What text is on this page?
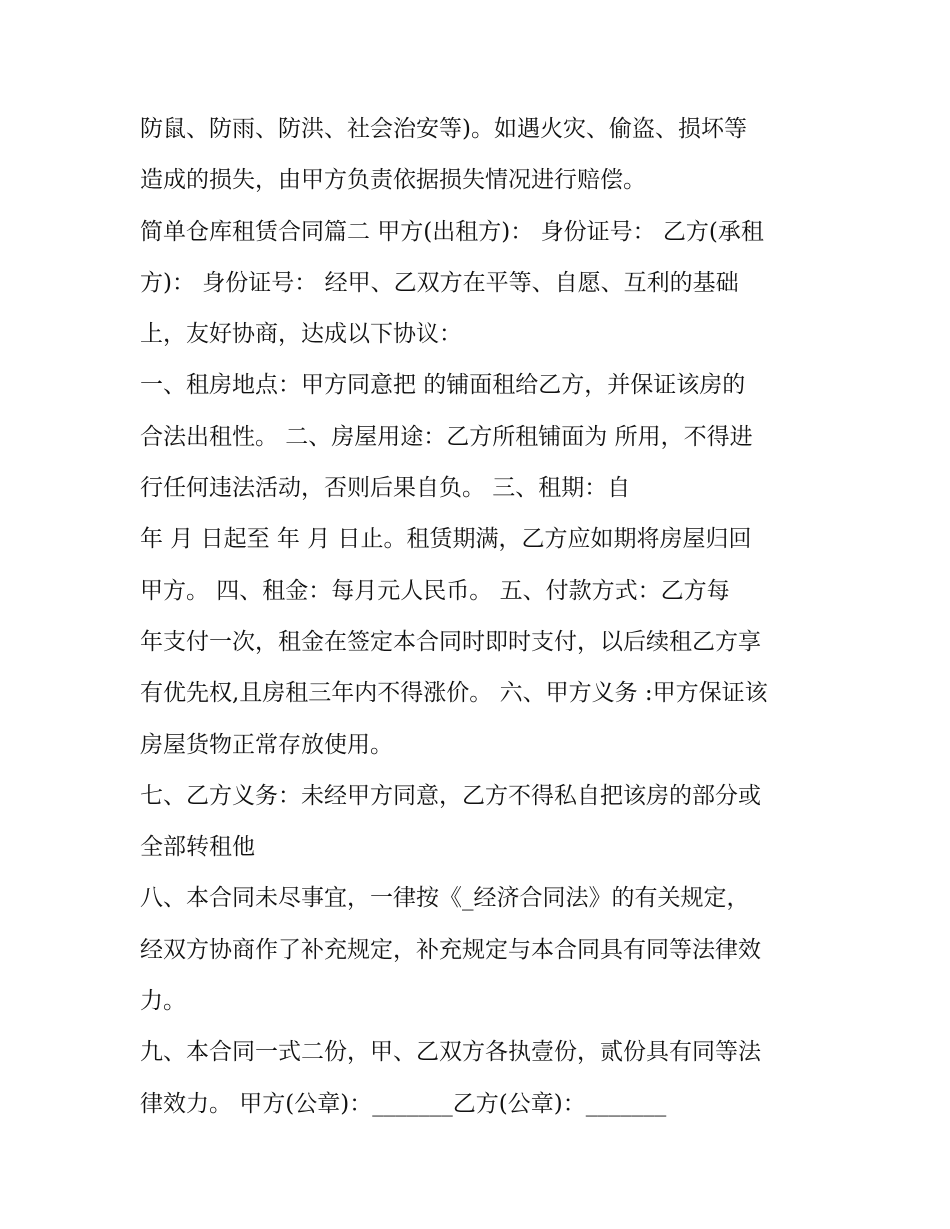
防鼠、防雨、防洪、社会治安等)。如遇火灾、偷盗、损坏等
造成的损失，由甲方负责依据损失情况进行赔偿。
简单仓库租赁合同篇二 甲方(出租方)： 身份证号： 乙方(承租
方)： 身份证号： 经甲、乙双方在平等、自愿、互利的基础
上，友好协商，达成以下协议：
一、租房地点：甲方同意把 的铺面租给乙方，并保证该房的
合法出租性。 二、房屋用途：乙方所租铺面为 所用，不得进
行任何违法活动，否则后果自负。 三、租期：自
年 月 日起至 年 月 日止。租赁期满，乙方应如期将房屋归回
甲方。 四、租金：每月元人民币。 五、付款方式：乙方每
年支付一次，租金在签定本合同时即时支付，以后续租乙方享
有优先权,且房租三年内不得涨价。 六、甲方义务 :甲方保证该
房屋货物正常存放使用。
七、乙方义务：未经甲方同意，乙方不得私自把该房的部分或
全部转租他
八、本合同未尽事宜，一律按《_经济合同法》的有关规定，
经双方协商作了补充规定，补充规定与本合同具有同等法律效
力。
九、本合同一式二份，甲、乙双方各执壹份，贰份具有同等法
律效力。 甲方(公章)：_______乙方(公章)：_______
